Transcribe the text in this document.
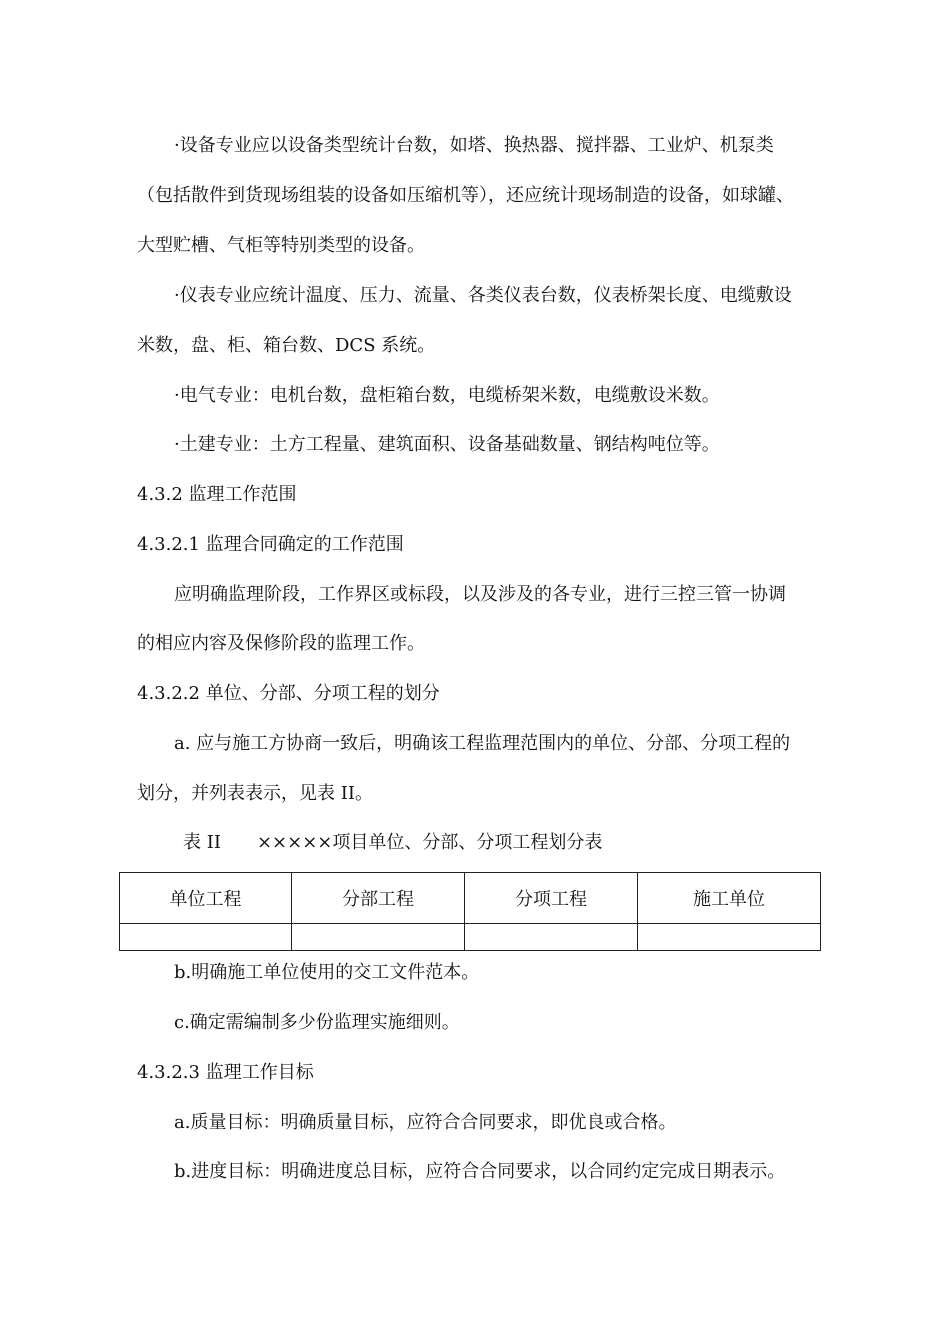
·设备专业应以设备类型统计台数，如塔、换热器、搅拌器、工业炉、机泵类
（包括散件到货现场组装的设备如压缩机等），还应统计现场制造的设备，如球罐、
大型贮槽、气柜等特别类型的设备。
·仪表专业应统计温度、压力、流量、各类仪表台数，仪表桥架长度、电缆敷设
米数，盘、柜、箱台数、DCS 系统。
·电气专业：电机台数，盘柜箱台数，电缆桥架米数，电缆敷设米数。
·土建专业：土方工程量、建筑面积、设备基础数量、钢结构吨位等。
4.3.2 监理工作范围
4.3.2.1 监理合同确定的工作范围
应明确监理阶段，工作界区或标段，以及涉及的各专业，进行三控三管一协调
的相应内容及保修阶段的监理工作。
4.3.2.2 单位、分部、分项工程的划分
a. 应与施工方协商一致后，明确该工程监理范围内的单位、分部、分项工程的
划分，并列表表示，见表 II。
表 II　　×××××项目单位、分部、分项工程划分表
单位工程	分部工程	分项工程	施工单位

b.明确施工单位使用的交工文件范本。
c.确定需编制多少份监理实施细则。
4.3.2.3 监理工作目标
a.质量目标：明确质量目标，应符合合同要求，即优良或合格。
b.进度目标：明确进度总目标，应符合合同要求，以合同约定完成日期表示。
